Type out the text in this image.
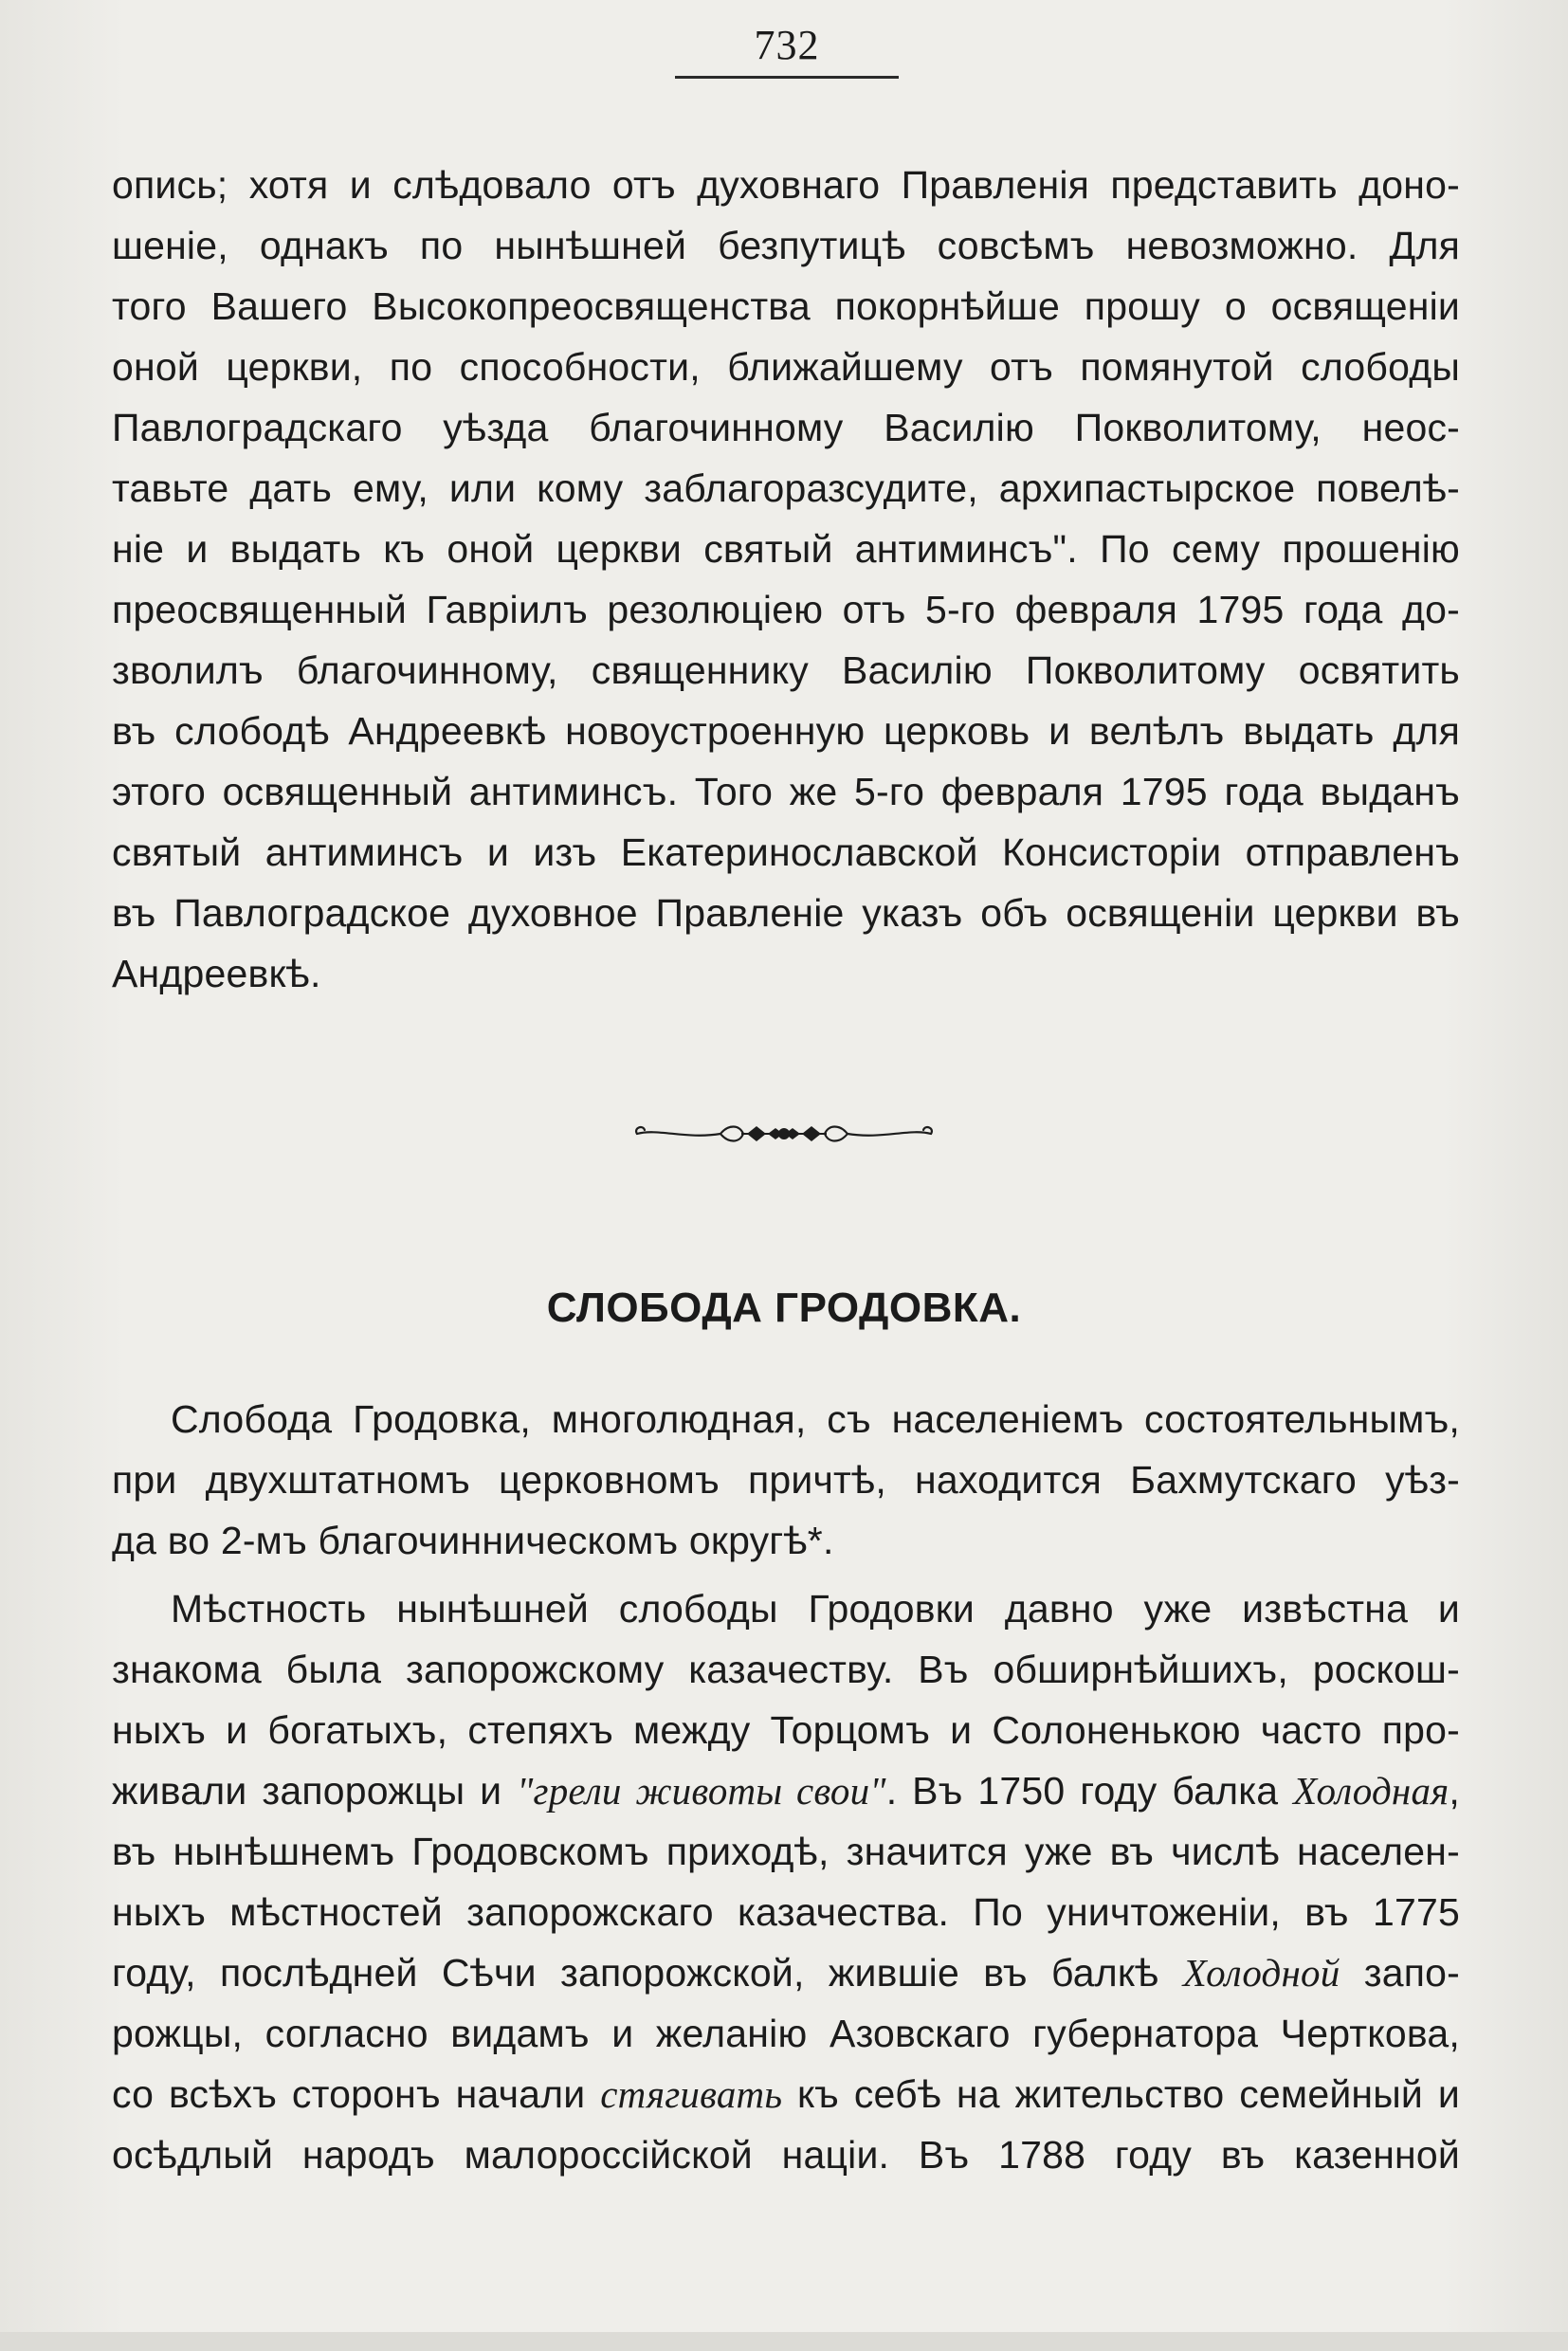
732
опись; хотя и слѣдовало отъ духовнаго Правленія представить доно-
шеніе, однакъ по нынѣшней безпутицѣ совсѣмъ невозможно. Для
того Вашего Высокопреосвященства покорнѣйше прошу о освященіи
оной церкви, по способности, ближайшему отъ помянутой слободы
Павлоградскаго уѣзда благочинному Василію Покволитому, неос-
тавьте дать ему, или кому заблагоразсудите, архипастырское повелѣ-
ніе и выдать къ оной церкви святый антиминсъ". По сему прошенію
преосвященный Гавріилъ резолюціею отъ 5-го февраля 1795 года до-
зволилъ благочинному, священнику Василію Покволитому освятить
въ слободѣ Андреевкѣ новоустроенную церковь и велѣлъ выдать для
этого освященный антиминсъ. Того же 5-го февраля 1795 года выданъ
святый антиминсъ и изъ Екатеринославской Консисторіи отправленъ
въ Павлоградское духовное Правленіе указъ объ освященіи церкви въ
Андреевкѣ.
СЛОБОДА ГРОДОВКА.
Слобода Гродовка, многолюдная, съ населеніемъ состоятельнымъ,
при двухштатномъ церковномъ причтѣ, находится Бахмутскаго уѣз-
да во 2-мъ благочинническомъ округѣ*.
Мѣстность нынѣшней слободы Гродовки давно уже извѣстна и
знакома была запорожскому казачеству. Въ обширнѣйшихъ, роскош-
ныхъ и богатыхъ, степяхъ между Торцомъ и Солоненькою часто про-
живали запорожцы и "грели животы свои". Въ 1750 году балка Холодная,
въ нынѣшнемъ Гродовскомъ приходѣ, значится уже въ числѣ населен-
ныхъ мѣстностей запорожскаго казачества. По уничтоженіи, въ 1775
году, послѣдней Сѣчи запорожской, жившіе въ балкѣ Холодной запо-
рожцы, согласно видамъ и желанію Азовскаго губернатора Черткова,
со всѣхъ сторонъ начали стягивать къ себѣ на жительство семейный и
осѣдлый народъ малороссійской націи. Въ 1788 году въ казенной
